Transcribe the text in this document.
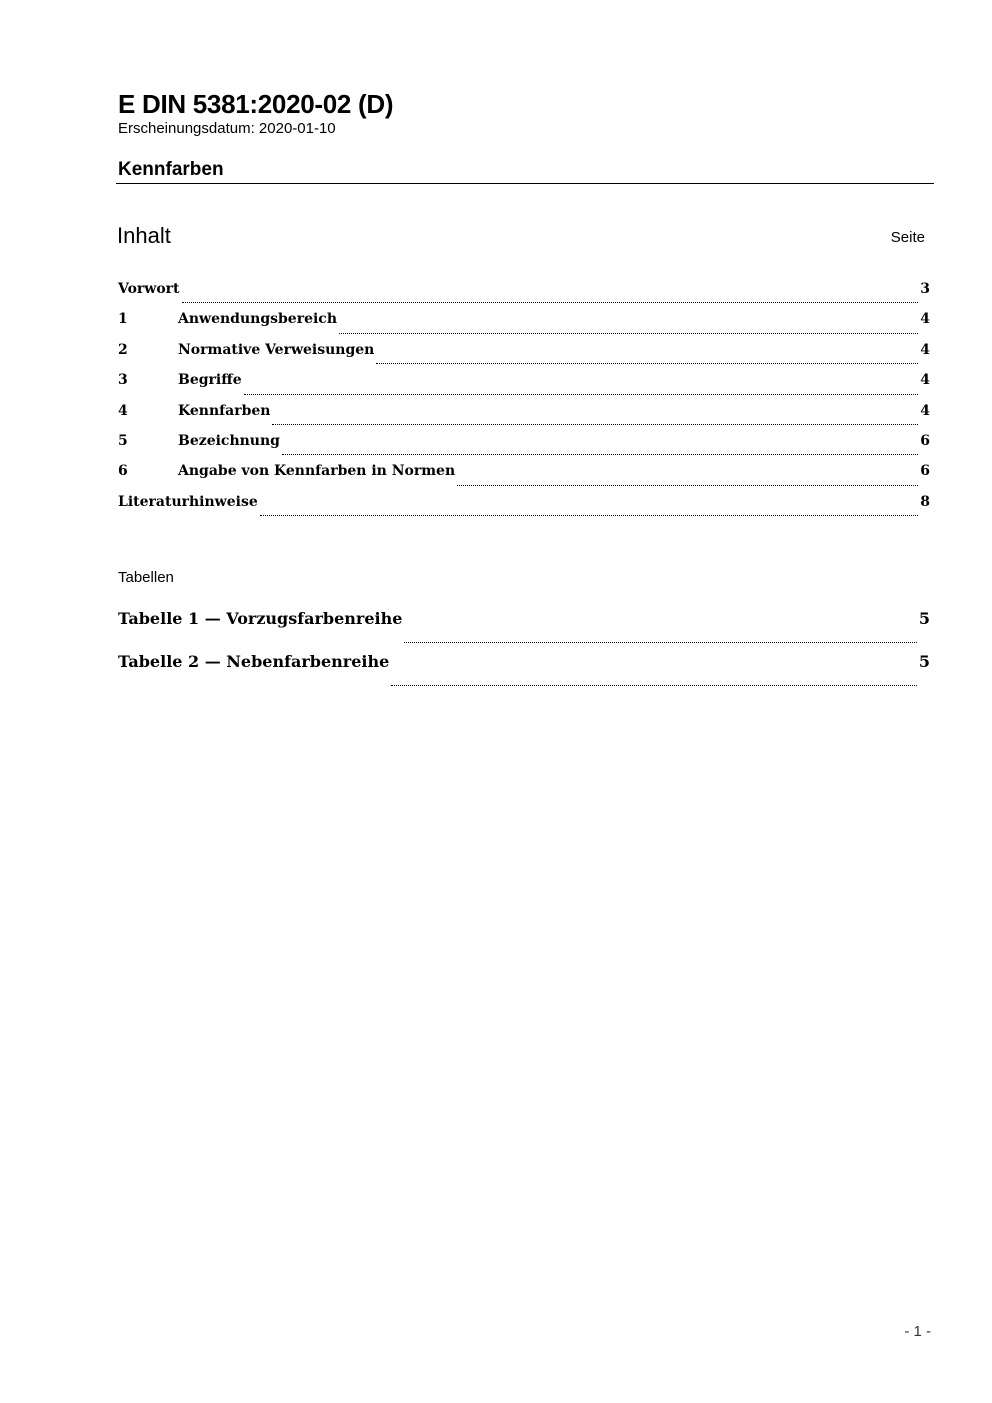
E DIN 5381:2020-02 (D)
Erscheinungsdatum: 2020-01-10
Kennfarben
Inhalt	Seite
Vorwort	3
1	Anwendungsbereich	4
2	Normative Verweisungen	4
3	Begriffe	4
4	Kennfarben	4
5	Bezeichnung	6
6	Angabe von Kennfarben in Normen	6
Literaturhinweise	8
Tabellen
Tabelle 1 — Vorzugsfarbenreihe	5
Tabelle 2 — Nebenfarbenreihe	5
- 1 -
